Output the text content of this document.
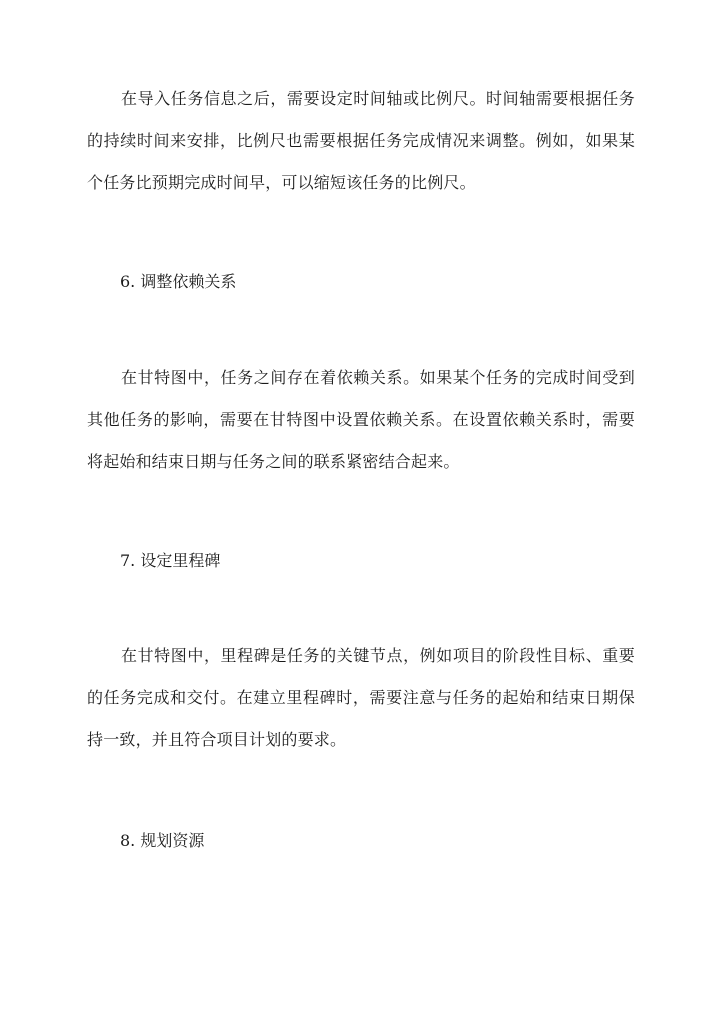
在导入任务信息之后，需要设定时间轴或比例尺。时间轴需要根据任务的持续时间来安排，比例尺也需要根据任务完成情况来调整。例如，如果某个任务比预期完成时间早，可以缩短该任务的比例尺。

6. 调整依赖关系

在甘特图中，任务之间存在着依赖关系。如果某个任务的完成时间受到其他任务的影响，需要在甘特图中设置依赖关系。在设置依赖关系时，需要将起始和结束日期与任务之间的联系紧密结合起来。

7. 设定里程碑

在甘特图中，里程碑是任务的关键节点，例如项目的阶段性目标、重要的任务完成和交付。在建立里程碑时，需要注意与任务的起始和结束日期保持一致，并且符合项目计划的要求。

8. 规划资源
